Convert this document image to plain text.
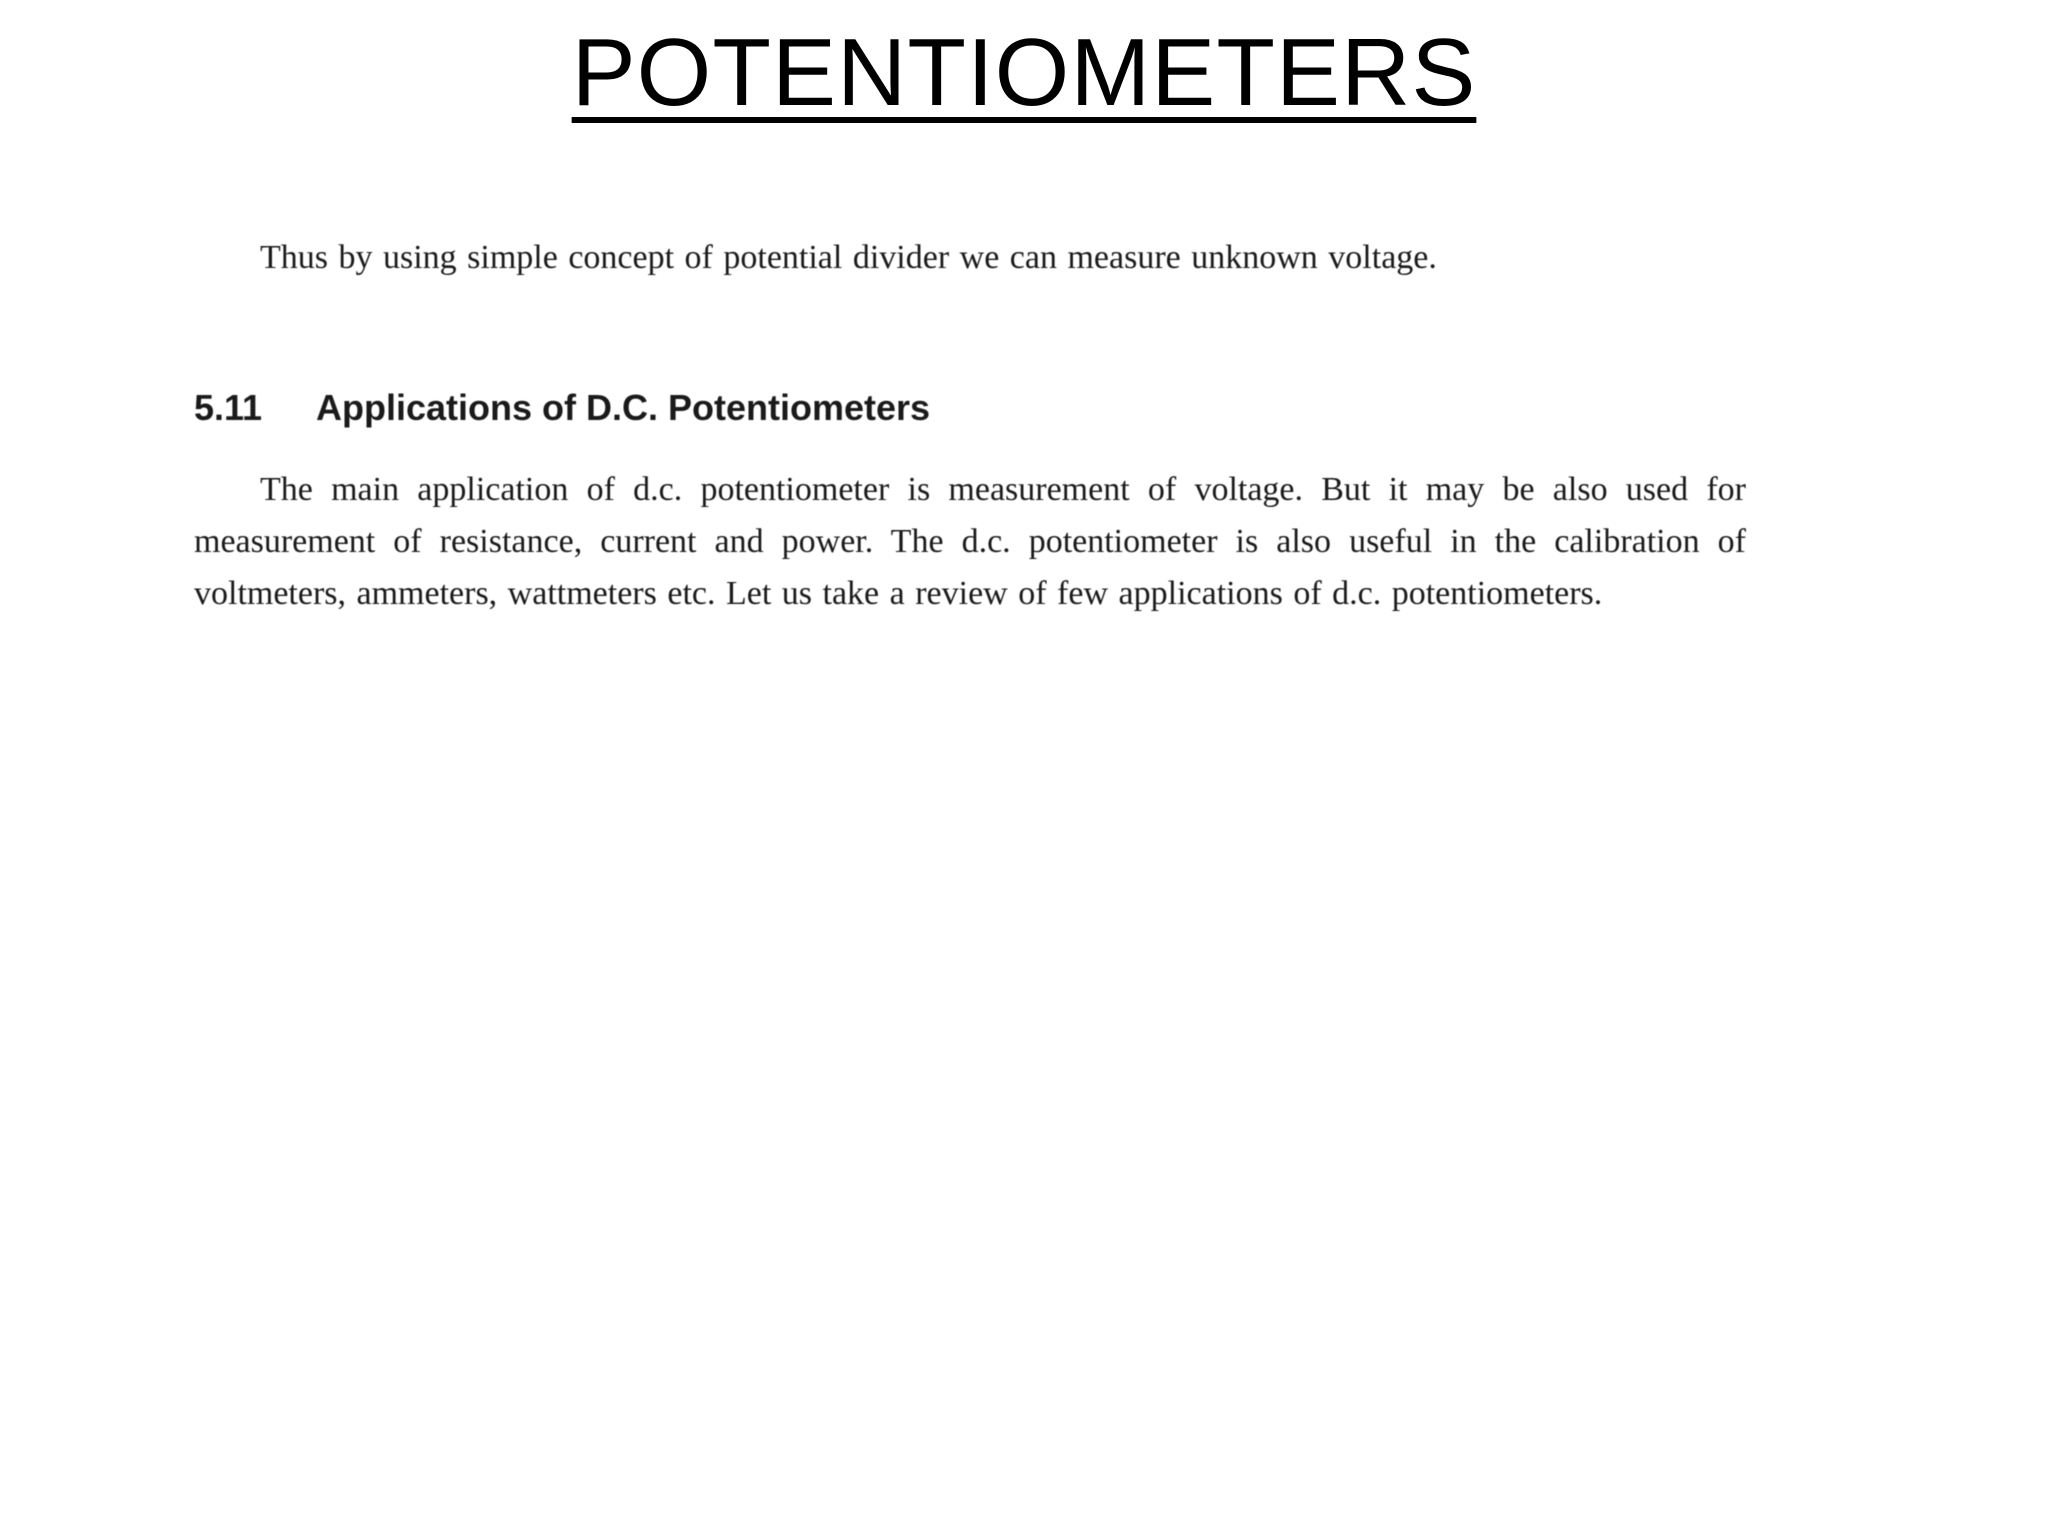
POTENTIOMETERS

Thus by using simple concept of potential divider we can measure unknown voltage.

5.11 Applications of D.C. Potentiometers

The main application of d.c. potentiometer is measurement of voltage. But it may be also used for measurement of resistance, current and power. The d.c. potentiometer is also useful in the calibration of voltmeters, ammeters, wattmeters etc. Let us take a review of few applications of d.c. potentiometers.
